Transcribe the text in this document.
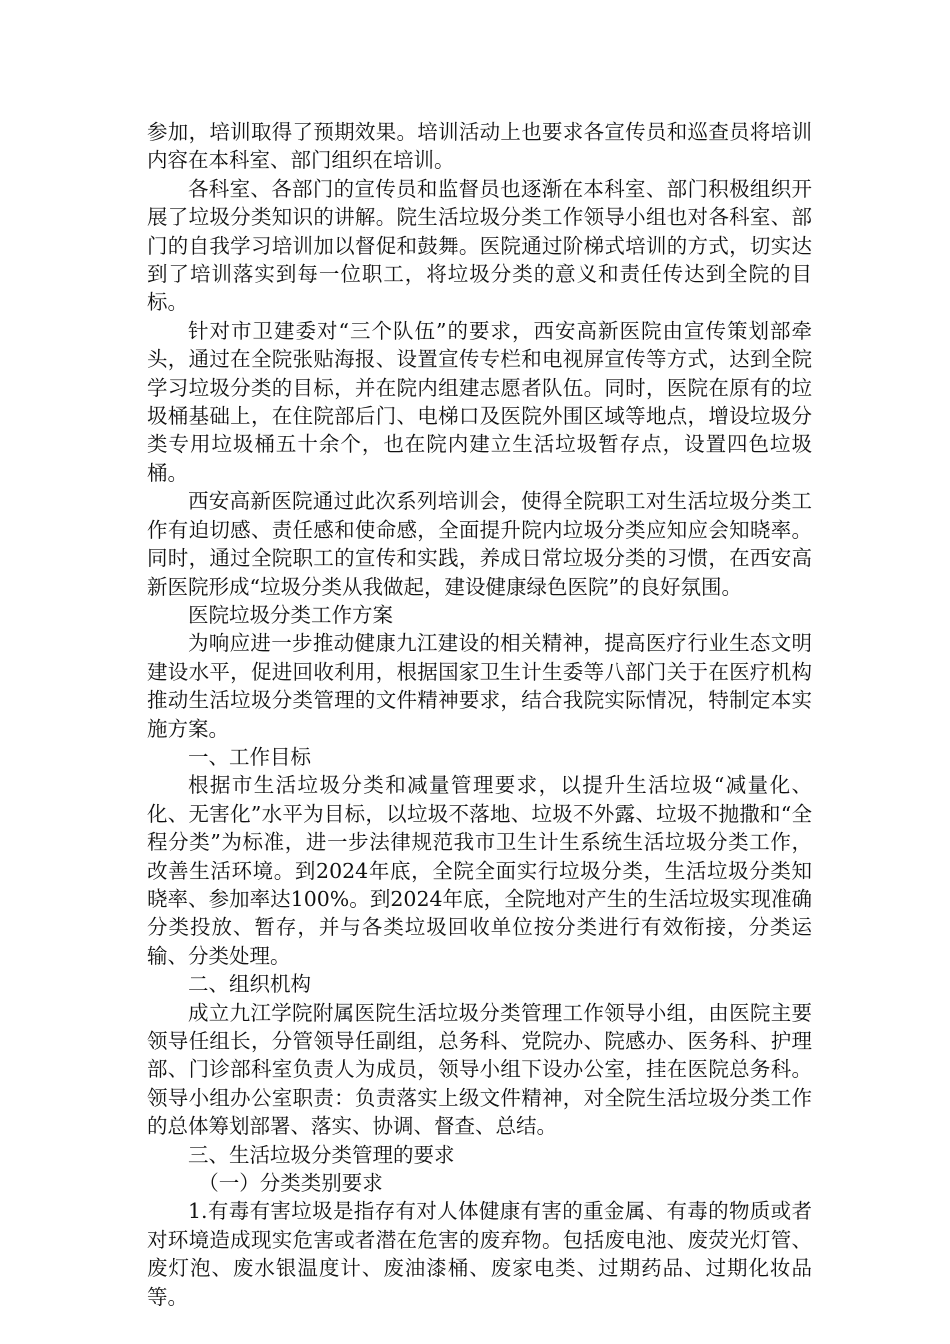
参加，培训取得了预期效果。培训活动上也要求各宣传员和巡查员将培训内容在本科室、部门组织在培训。

各科室、各部门的宣传员和监督员也逐渐在本科室、部门积极组织开展了垃圾分类知识的讲解。院生活垃圾分类工作领导小组也对各科室、部门的自我学习培训加以督促和鼓舞。医院通过阶梯式培训的方式，切实达到了培训落实到每一位职工，将垃圾分类的意义和责任传达到全院的目标。

针对市卫建委对“三个队伍”的要求，西安高新医院由宣传策划部牵头，通过在全院张贴海报、设置宣传专栏和电视屏宣传等方式，达到全院学习垃圾分类的目标，并在院内组建志愿者队伍。同时，医院在原有的垃圾桶基础上，在住院部后门、电梯口及医院外围区域等地点，增设垃圾分类专用垃圾桶五十余个，也在院内建立生活垃圾暂存点，设置四色垃圾桶。

西安高新医院通过此次系列培训会，使得全院职工对生活垃圾分类工作有迫切感、责任感和使命感，全面提升院内垃圾分类应知应会知晓率。同时，通过全院职工的宣传和实践，养成日常垃圾分类的习惯，在西安高新医院形成“垃圾分类从我做起，建设健康绿色医院”的良好氛围。

医院垃圾分类工作方案

为响应进一步推动健康九江建设的相关精神，提高医疗行业生态文明建设水平，促进回收利用，根据国家卫生计生委等八部门关于在医疗机构推动生活垃圾分类管理的文件精神要求，结合我院实际情况，特制定本实施方案。

一、工作目标

根据市生活垃圾分类和减量管理要求，以提升生活垃圾“减量化、化、无害化”水平为目标，以垃圾不落地、垃圾不外露、垃圾不抛撒和“全程分类”为标准，进一步法律规范我市卫生计生系统生活垃圾分类工作，改善生活环境。到2024年底，全院全面实行垃圾分类，生活垃圾分类知晓率、参加率达100%。到2024年底，全院地对产生的生活垃圾实现准确分类投放、暂存，并与各类垃圾回收单位按分类进行有效衔接，分类运输、分类处理。

二、组织机构

成立九江学院附属医院生活垃圾分类管理工作领导小组，由医院主要领导任组长，分管领导任副组，总务科、党院办、院感办、医务科、护理部、门诊部科室负责人为成员，领导小组下设办公室，挂在医院总务科。领导小组办公室职责：负责落实上级文件精神，对全院生活垃圾分类工作的总体筹划部署、落实、协调、督查、总结。

三、生活垃圾分类管理的要求

（一）分类类别要求

1.有毒有害垃圾是指存有对人体健康有害的重金属、有毒的物质或者对环境造成现实危害或者潜在危害的废弃物。包括废电池、废荧光灯管、废灯泡、废水银温度计、废油漆桶、废家电类、过期药品、过期化妆品等。
